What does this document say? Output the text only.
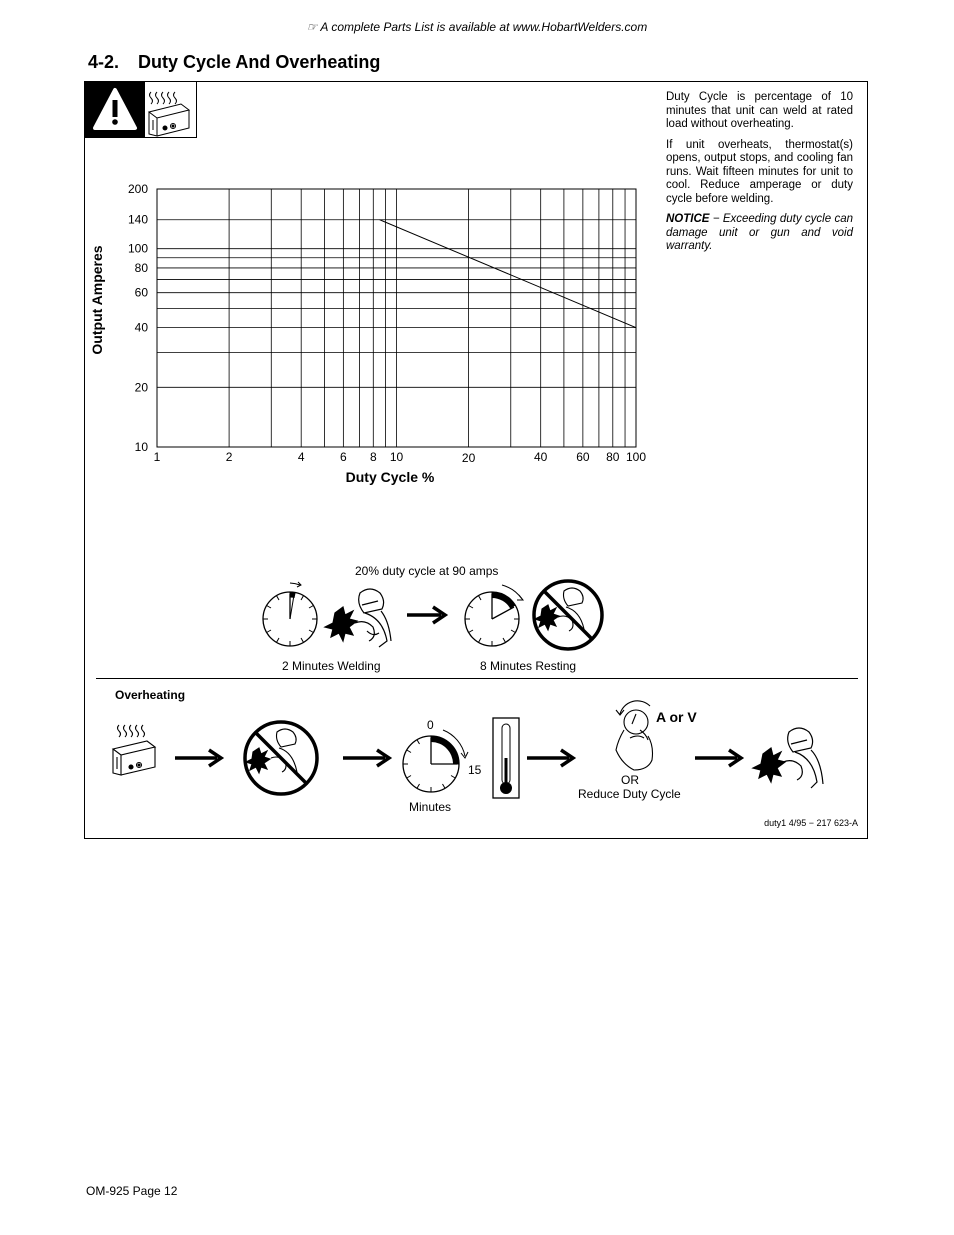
☞ A complete Parts List is available at www.HobartWelders.com
4-2. Duty Cycle And Overheating

Duty Cycle is percentage of 10 minutes that unit can weld at rated load without overheating.

If unit overheats, thermostat(s) opens, output stops, and cooling fan runs. Wait fifteen minutes for unit to cool. Reduce amperage or duty cycle before welding.

NOTICE − Exceeding duty cycle can damage unit or gun and void warranty.

Output Amperes
1	2	4	6 8 10	20	40 60 80 100
200
140
100
80
60
40
20
10
Duty Cycle %
20% duty cycle at 90 amps
2 Minutes Welding	8 Minutes Resting
Overheating
0
15
Minutes
A or V
OR
Reduce Duty Cycle
duty1 4/95 − 217 623-A
OM-925 Page 12
